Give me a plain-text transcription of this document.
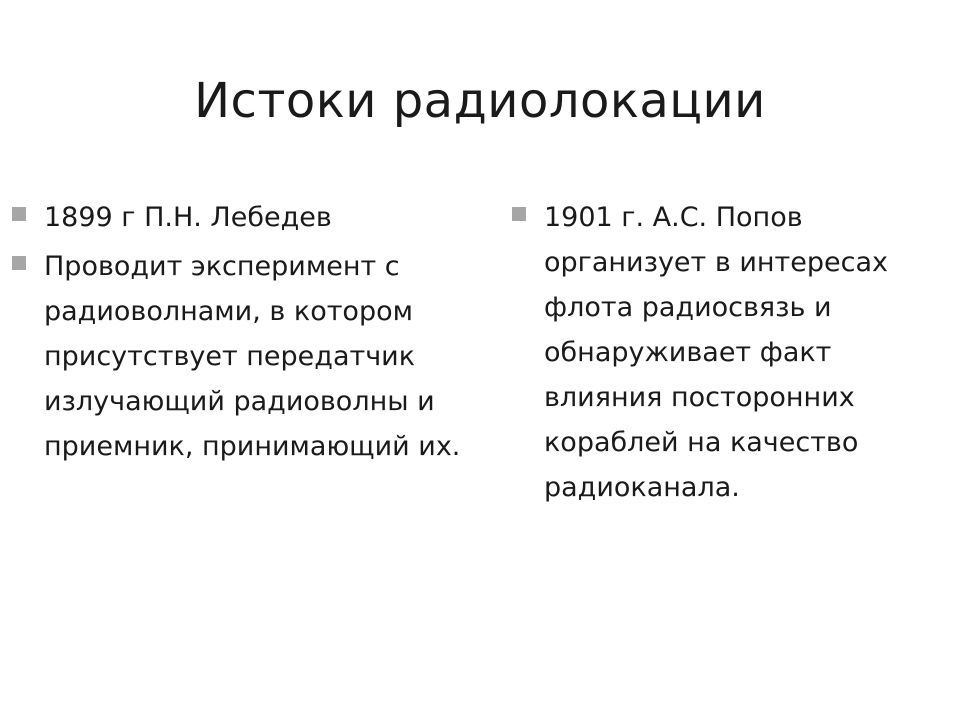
Истоки радиолокации
1899 г П.Н. Лебедев
Проводит эксперимент с радиоволнами, в котором присутствует передатчик излучающий радиоволны и приемник, принимающий их.
1901 г. А.С. Попов организует в интересах флота радиосвязь и обнаруживает факт влияния посторонних кораблей на качество радиоканала.
